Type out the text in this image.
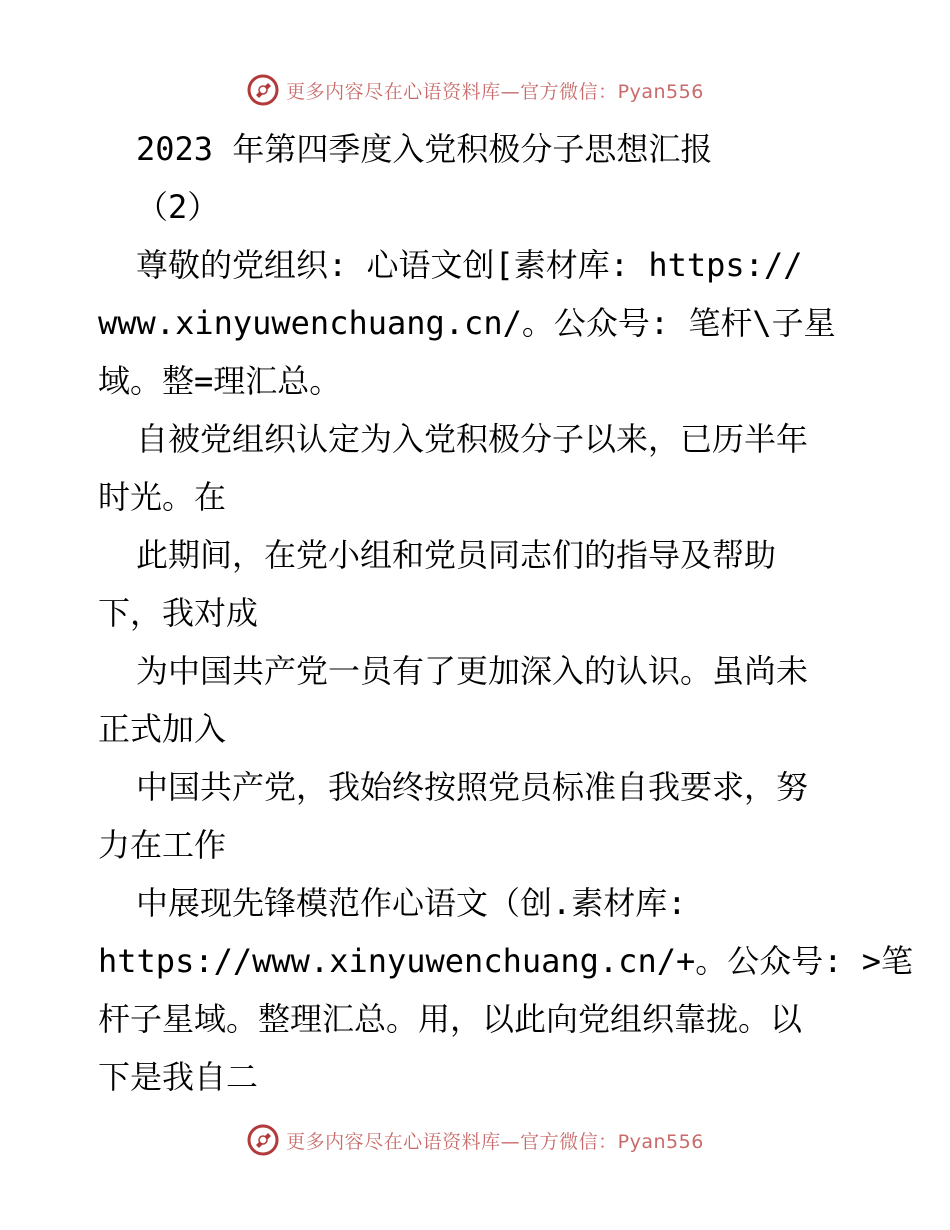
更多内容尽在心语资料库—官方微信：Pyan556
2023 年第四季度入党积极分子思想汇报
（2）
尊敬的党组织: 心语文创[素材库: https://
www.xinyuwenchuang.cn/。公众号: 笔杆\子星
域。整=理汇总。
自被党组织认定为入党积极分子以来，已历半年
时光。在
此期间，在党小组和党员同志们的指导及帮助
下，我对成
为中国共产党一员有了更加深入的认识。虽尚未
正式加入
中国共产党，我始终按照党员标准自我要求，努
力在工作
中展现先锋模范作心语文（创.素材库:
https://www.xinyuwenchuang.cn/+。公众号: >笔
杆子星域。整理汇总。用，以此向党组织靠拢。以
下是我自二
更多内容尽在心语资料库—官方微信：Pyan556
